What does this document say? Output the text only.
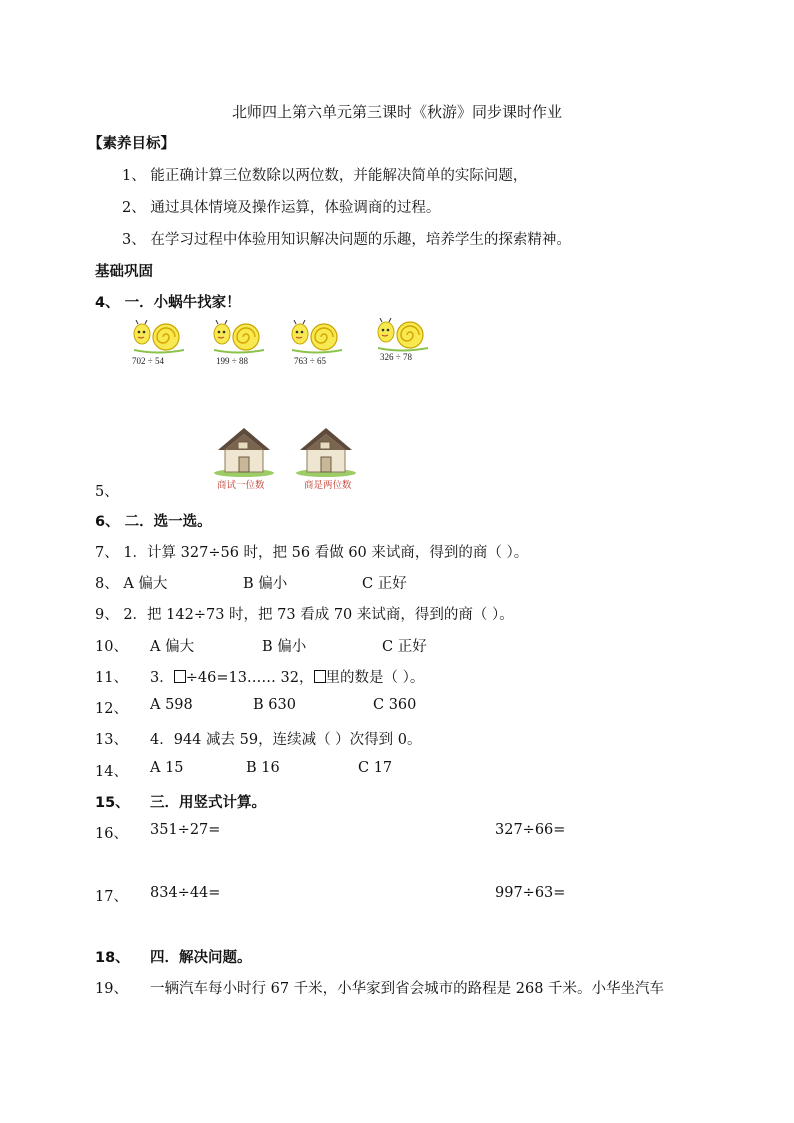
北师四上第六单元第三课时《秋游》同步课时作业
【素养目标】
1、 能正确计算三位数除以两位数，并能解决简单的实际问题，
2、 通过具体情境及操作运算，体验调商的过程。
3、 在学习过程中体验用知识解决问题的乐趣，培养学生的探索精神。
基础巩固
4、 一．小蜗牛找家！
702 ÷ 54	199 ÷ 88	763 ÷ 65	326 ÷ 78
商试一位数	商是两位数
5、
6、 二．选一选。
7、 1．计算 327÷56 时，把 56 看做 60 来试商，得到的商（ ）。
8、 A 偏大	B 偏小	C 正好
9、 2．把 142÷73 时，把 73 看成 70 来试商，得到的商（ ）。
10、 A 偏大	B 偏小	C 正好
11、 3． ÷46=13…… 32， 里的数是（ ）。
12、 A 598	B 630	C 360
13、 4．944 减去 59，连续减（ ）次得到 0。
14、 A 15	B 16	C 17
15、 三．用竖式计算。
16、 351÷27=	327÷66=
17、 834÷44=	997÷63=
18、 四．解决问题。
19、 一辆汽车每小时行 67 千米，小华家到省会城市的路程是 268 千米。小华坐汽车
